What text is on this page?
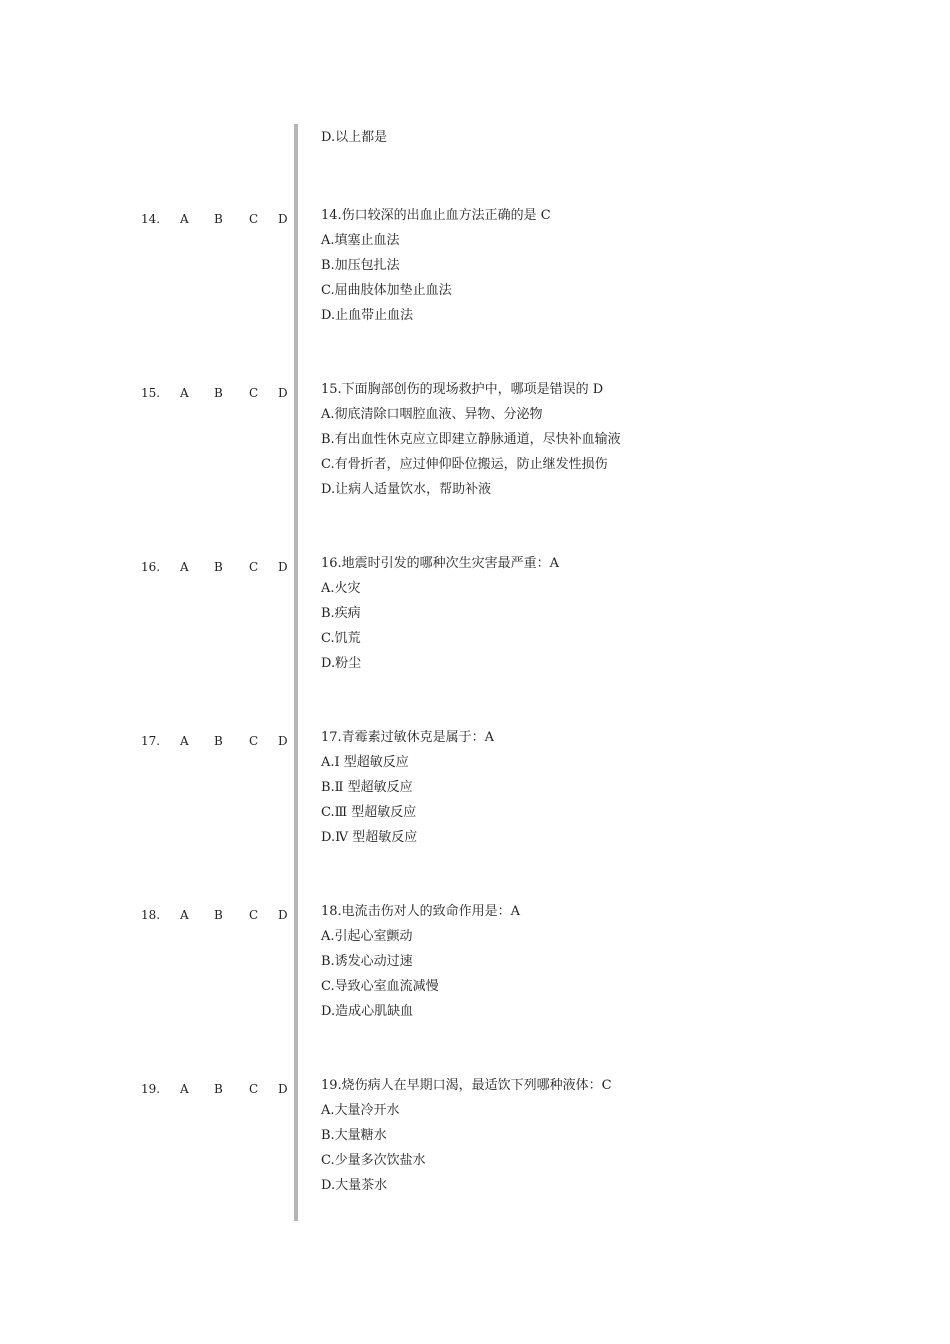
D.以上都是
14. A B C D	14.伤口较深的出血止血方法正确的是 C
A.填塞止血法
B.加压包扎法
C.屈曲肢体加垫止血法
D.止血带止血法
15. A B C D	15.下面胸部创伤的现场救护中，哪项是错误的 D
A.彻底清除口咽腔血液、异物、分泌物
B.有出血性休克应立即建立静脉通道，尽快补血输液
C.有骨折者，应过伸仰卧位搬运，防止继发性损伤
D.让病人适量饮水，帮助补液
16. A B C D	16.地震时引发的哪种次生灾害最严重：A
A.火灾
B.疾病
C.饥荒
D.粉尘
17. A B C D	17.青霉素过敏休克是属于：A
A.Ⅰ 型超敏反应
B.Ⅱ 型超敏反应
C.Ⅲ 型超敏反应
D.Ⅳ 型超敏反应
18. A B C D	18.电流击伤对人的致命作用是：A
A.引起心室颤动
B.诱发心动过速
C.导致心室血流减慢
D.造成心肌缺血
19. A B C D	19.烧伤病人在早期口渴，最适饮下列哪种液体：C
A.大量冷开水
B.大量糖水
C.少量多次饮盐水
D.大量茶水
